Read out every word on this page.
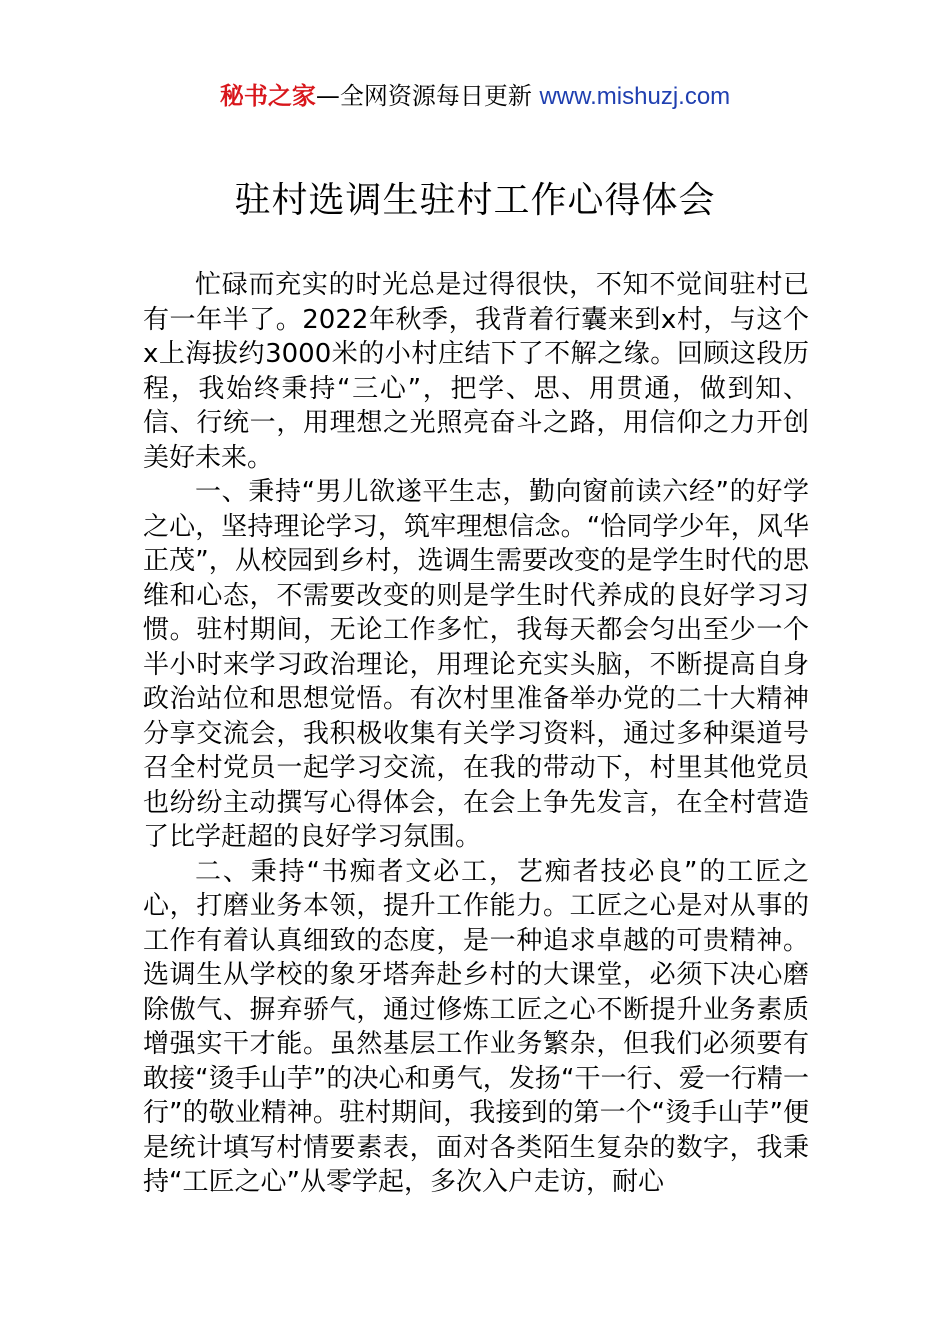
秘书之家—全网资源每日更新 www.mishuzj.com
驻村选调生驻村工作心得体会

忙碌而充实的时光总是过得很快，不知不觉间驻村已有一年半了。2022年秋季，我背着行囊来到x村，与这个x上海拔约3000米的小村庄结下了不解之缘。回顾这段历程，我始终秉持“三心”，把学、思、用贯通，做到知、信、行统一，用理想之光照亮奋斗之路，用信仰之力开创美好未来。

一、秉持“男儿欲遂平生志，勤向窗前读六经”的好学之心，坚持理论学习，筑牢理想信念。“恰同学少年，风华正茂”，从校园到乡村，选调生需要改变的是学生时代的思维和心态，不需要改变的则是学生时代养成的良好学习习惯。驻村期间，无论工作多忙，我每天都会匀出至少一个半小时来学习政治理论，用理论充实头脑，不断提高自身政治站位和思想觉悟。有次村里准备举办党的二十大精神分享交流会，我积极收集有关学习资料，通过多种渠道号召全村党员一起学习交流，在我的带动下，村里其他党员也纷纷主动撰写心得体会，在会上争先发言，在全村营造了比学赶超的良好学习氛围。

二、秉持“书痴者文必工，艺痴者技必良”的工匠之心，打磨业务本领，提升工作能力。工匠之心是对从事的工作有着认真细致的态度，是一种追求卓越的可贵精神。选调生从学校的象牙塔奔赴乡村的大课堂，必须下决心磨除傲气、摒弃骄气，通过修炼工匠之心不断提升业务素质增强实干才能。虽然基层工作业务繁杂，但我们必须要有敢接“烫手山芋”的决心和勇气，发扬“干一行、爱一行精一行”的敬业精神。驻村期间，我接到的第一个“烫手山芋”便是统计填写村情要素表，面对各类陌生复杂的数字，我秉持“工匠之心”从零学起，多次入户走访，耐心
